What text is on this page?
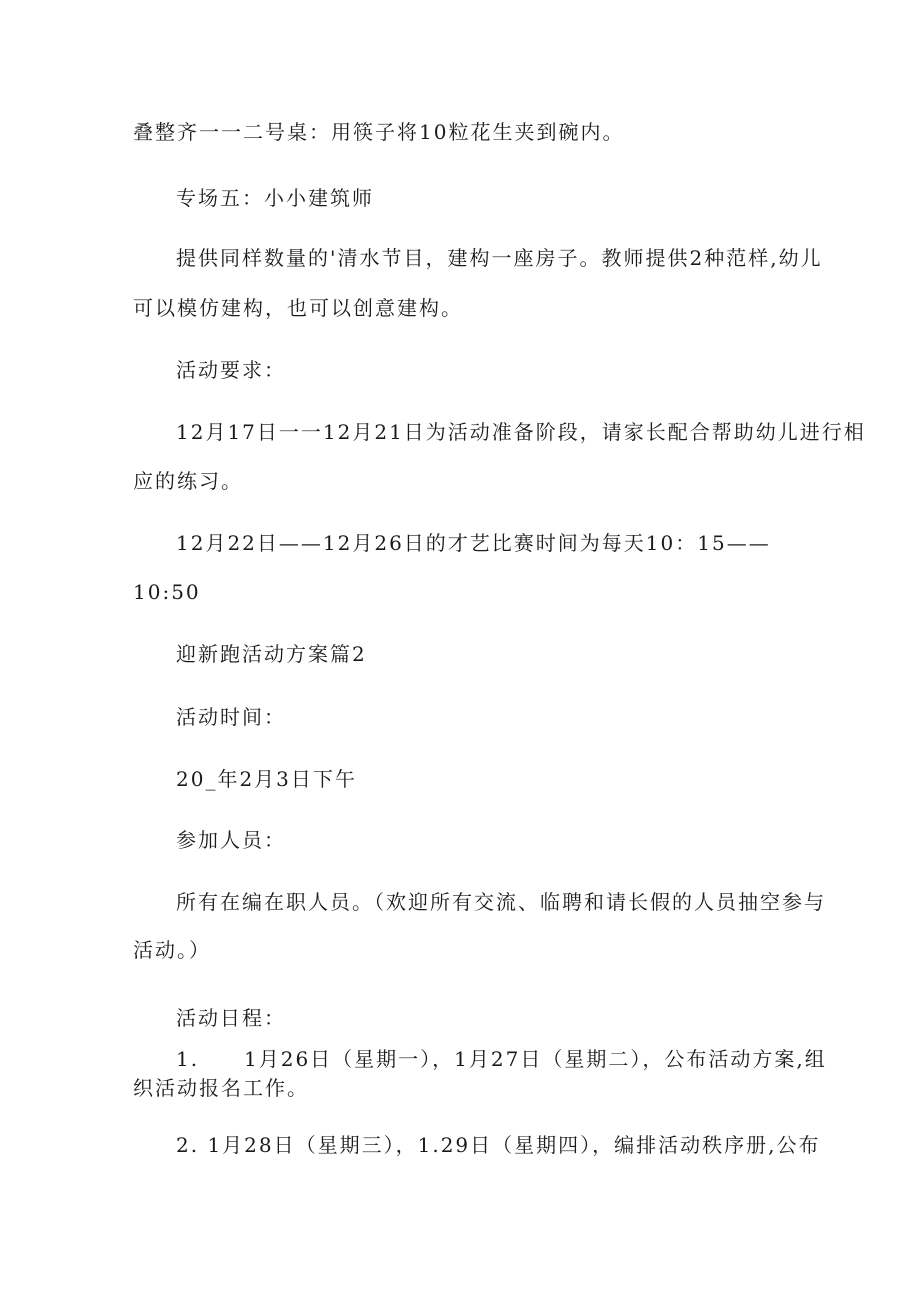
叠整齐一一二号桌：用筷子将10粒花生夹到碗内。
专场五：小小建筑师
提供同样数量的'清水节目，建构一座房子。教师提供2种范样,幼儿
可以模仿建构，也可以创意建构。
活动要求：
12月17日一一12月21日为活动准备阶段，请家长配合帮助幼儿进行相
应的练习。
12月22日——12月26日的才艺比赛时间为每天10：15——
10:50
迎新跑活动方案篇2
活动时间：
20_年2月3日下午
参加人员：
所有在编在职人员。（欢迎所有交流、临聘和请长假的人员抽空参与
活动。）
活动日程：
1. 1月26日（星期一），1月27日（星期二），公布活动方案,组
织活动报名工作。
2. 1月28日（星期三），1.29日（星期四），编排活动秩序册,公布
